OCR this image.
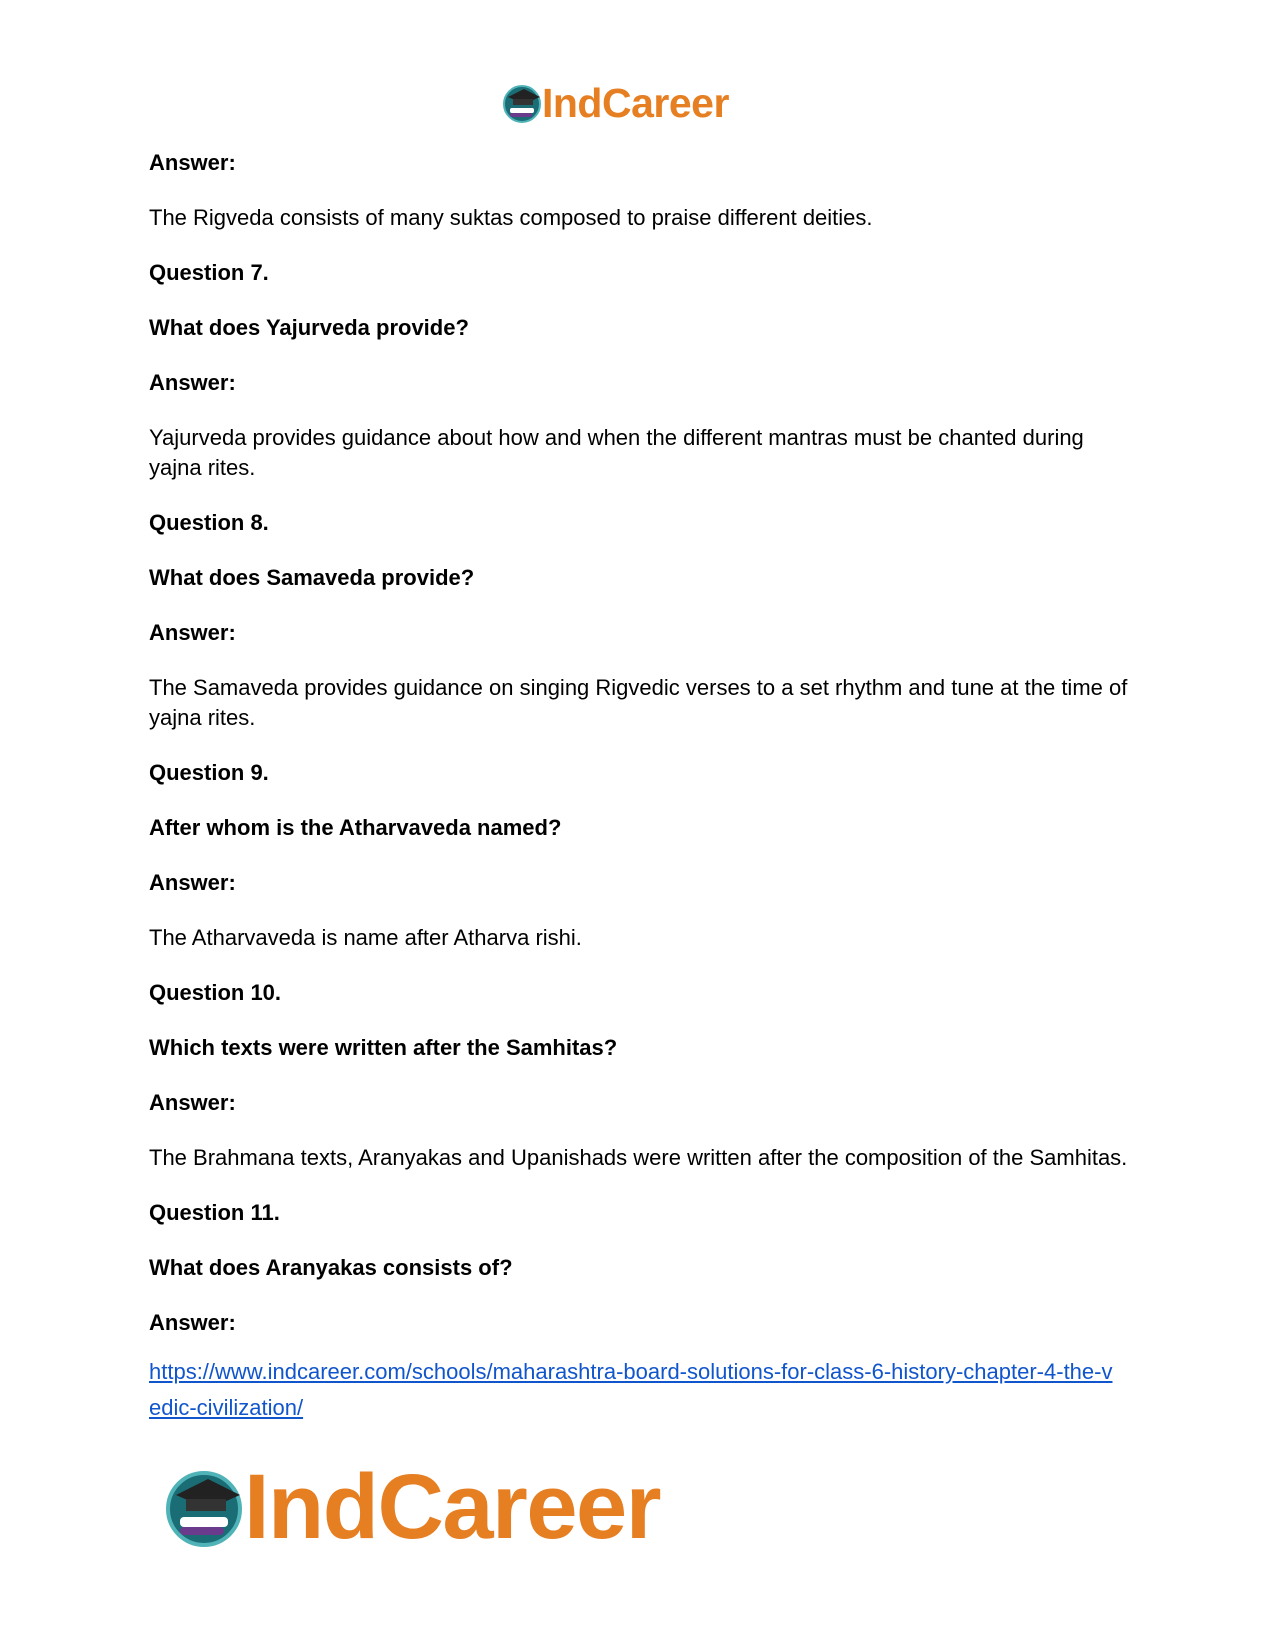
IndCareer

Answer:

The Rigveda consists of many suktas composed to praise different deities.

Question 7.

What does Yajurveda provide?

Answer:

Yajurveda provides guidance about how and when the different mantras must be chanted during yajna rites.

Question 8.

What does Samaveda provide?

Answer:

The Samaveda provides guidance on singing Rigvedic verses to a set rhythm and tune at the time of yajna rites.

Question 9.

After whom is the Atharvaveda named?

Answer:

The Atharvaveda is name after Atharva rishi.

Question 10.

Which texts were written after the Samhitas?

Answer:

The Brahmana texts, Aranyakas and Upanishads were written after the composition of the Samhitas.

Question 11.

What does Aranyakas consists of?

Answer:

https://www.indcareer.com/schools/maharashtra-board-solutions-for-class-6-history-chapter-4-the-vedic-civilization/
IndCareer
